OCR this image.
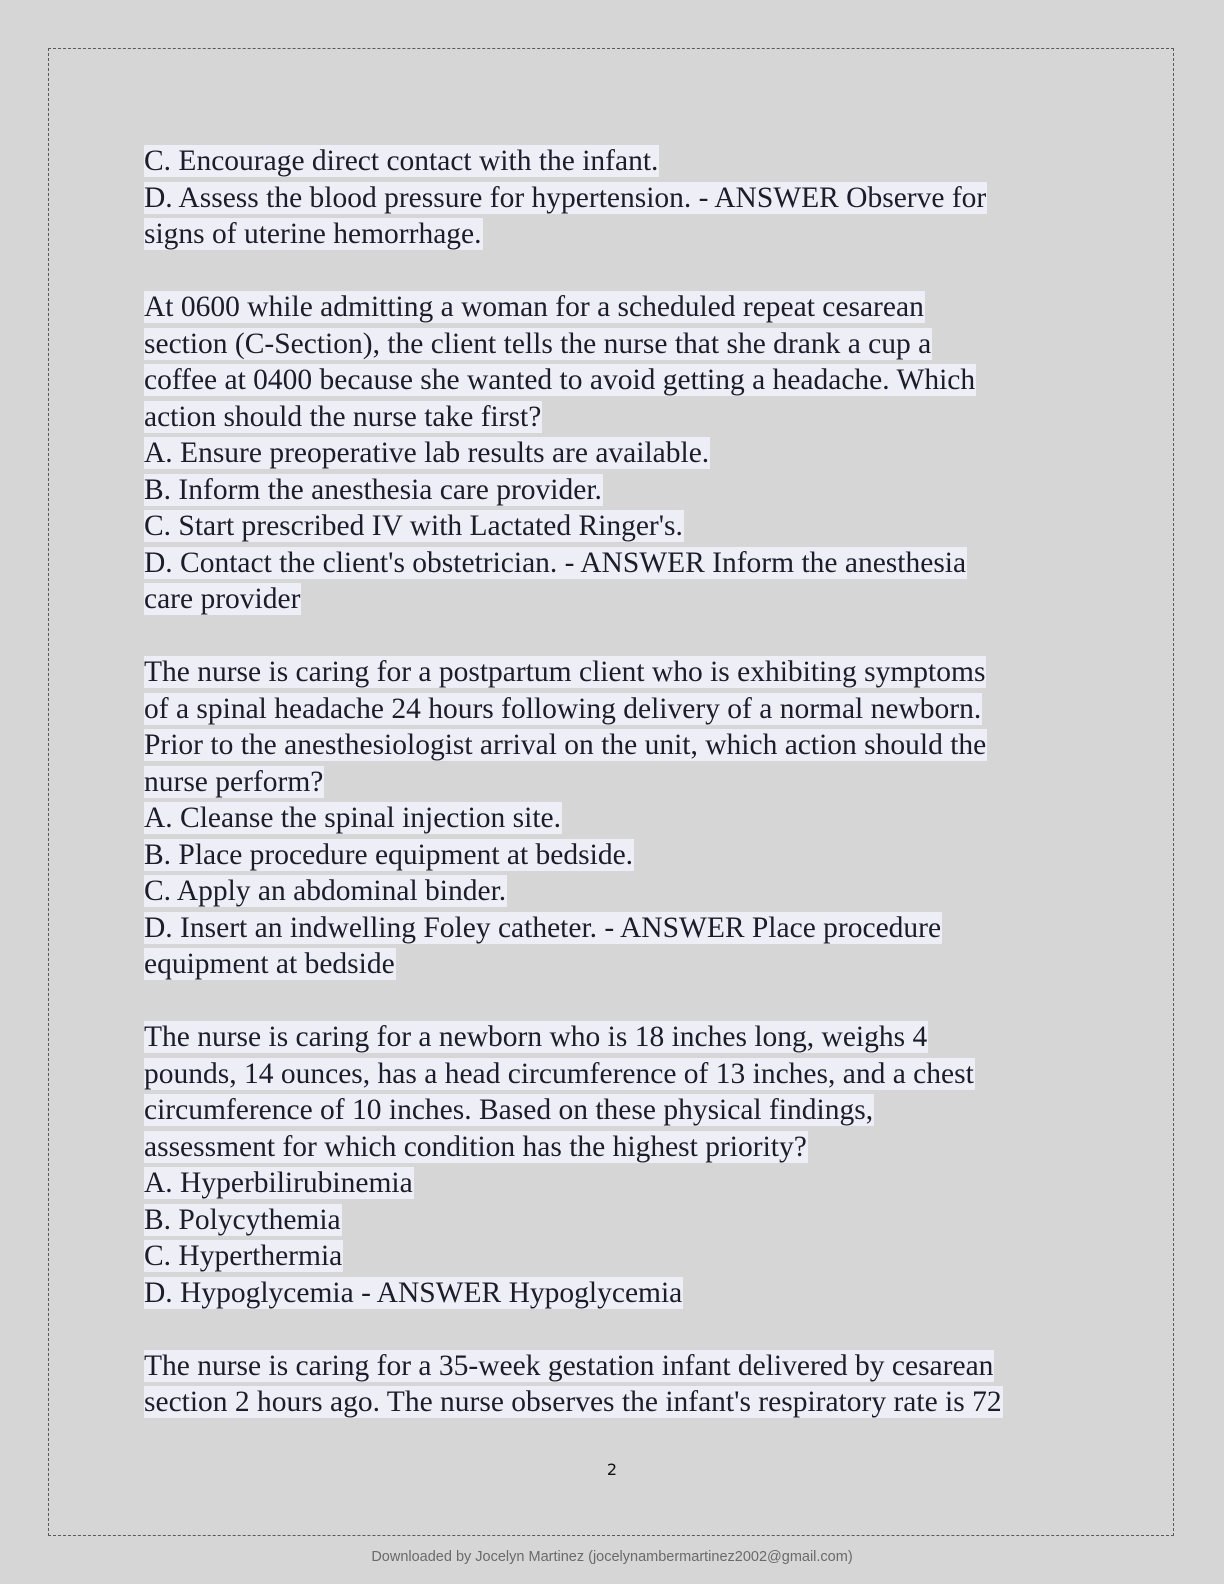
C. Encourage direct contact with the infant.
D. Assess the blood pressure for hypertension. - ANSWER Observe for
signs of uterine hemorrhage.
At 0600 while admitting a woman for a scheduled repeat cesarean
section (C-Section), the client tells the nurse that she drank a cup a
coffee at 0400 because she wanted to avoid getting a headache. Which
action should the nurse take first?
A. Ensure preoperative lab results are available.
B. Inform the anesthesia care provider.
C. Start prescribed IV with Lactated Ringer's.
D. Contact the client's obstetrician. - ANSWER Inform the anesthesia
care provider
The nurse is caring for a postpartum client who is exhibiting symptoms
of a spinal headache 24 hours following delivery of a normal newborn.
Prior to the anesthesiologist arrival on the unit, which action should the
nurse perform?
A. Cleanse the spinal injection site.
B. Place procedure equipment at bedside.
C. Apply an abdominal binder.
D. Insert an indwelling Foley catheter. - ANSWER Place procedure
equipment at bedside
The nurse is caring for a newborn who is 18 inches long, weighs 4
pounds, 14 ounces, has a head circumference of 13 inches, and a chest
circumference of 10 inches. Based on these physical findings,
assessment for which condition has the highest priority?
A. Hyperbilirubinemia
B. Polycythemia
C. Hyperthermia
D. Hypoglycemia - ANSWER Hypoglycemia
The nurse is caring for a 35-week gestation infant delivered by cesarean
section 2 hours ago. The nurse observes the infant's respiratory rate is 72
2
Downloaded by Jocelyn Martinez (jocelynambermartinez2002@gmail.com)
